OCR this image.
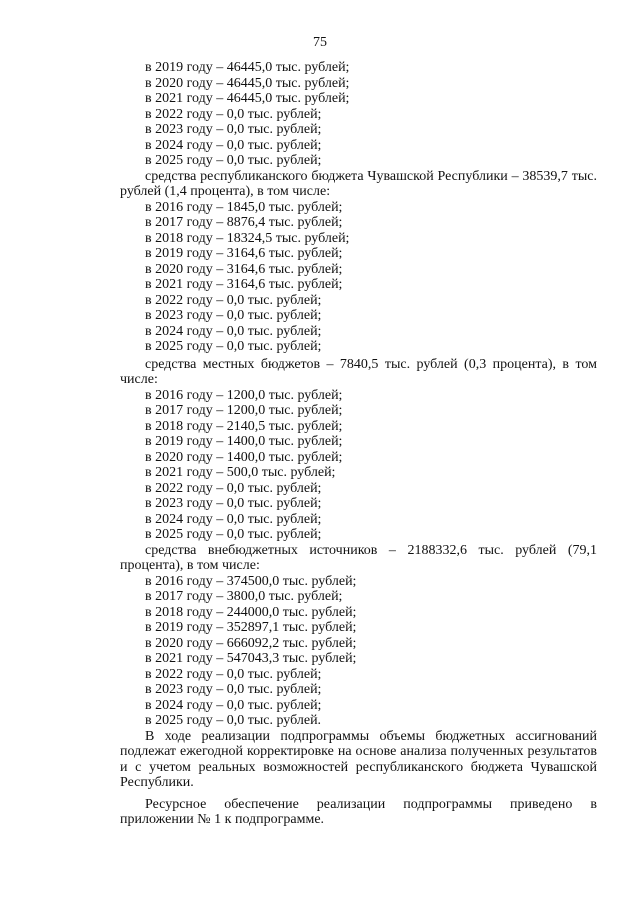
75
в 2019 году – 46445,0 тыс. рублей;
в 2020 году – 46445,0 тыс. рублей;
в 2021 году – 46445,0 тыс. рублей;
в 2022 году – 0,0 тыс. рублей;
в 2023 году – 0,0 тыс. рублей;
в 2024 году – 0,0 тыс. рублей;
в 2025 году – 0,0 тыс. рублей;

средства республиканского бюджета Чувашской Республики – 38539,7 тыс. рублей (1,4 процента), в том числе:

в 2016 году – 1845,0 тыс. рублей;
в 2017 году – 8876,4 тыс. рублей;
в 2018 году – 18324,5 тыс. рублей;
в 2019 году – 3164,6 тыс. рублей;
в 2020 году – 3164,6 тыс. рублей;
в 2021 году – 3164,6 тыс. рублей;
в 2022 году – 0,0 тыс. рублей;
в 2023 году – 0,0 тыс. рублей;
в 2024 году – 0,0 тыс. рублей;
в 2025 году – 0,0 тыс. рублей;

средства местных бюджетов – 7840,5 тыс. рублей (0,3 процента), в том числе:

в 2016 году – 1200,0 тыс. рублей;
в 2017 году – 1200,0 тыс. рублей;
в 2018 году – 2140,5 тыс. рублей;
в 2019 году – 1400,0 тыс. рублей;
в 2020 году – 1400,0 тыс. рублей;
в 2021 году – 500,0 тыс. рублей;
в 2022 году – 0,0 тыс. рублей;
в 2023 году – 0,0 тыс. рублей;
в 2024 году – 0,0 тыс. рублей;
в 2025 году – 0,0 тыс. рублей;

средства внебюджетных источников – 2188332,6 тыс. рублей (79,1 процента), в том числе:

в 2016 году – 374500,0 тыс. рублей;
в 2017 году – 3800,0 тыс. рублей;
в 2018 году – 244000,0 тыс. рублей;
в 2019 году – 352897,1 тыс. рублей;
в 2020 году – 666092,2 тыс. рублей;
в 2021 году – 547043,3 тыс. рублей;
в 2022 году – 0,0 тыс. рублей;
в 2023 году – 0,0 тыс. рублей;
в 2024 году – 0,0 тыс. рублей;
в 2025 году – 0,0 тыс. рублей.

В ходе реализации подпрограммы объемы бюджетных ассигнований подлежат ежегодной корректировке на основе анализа полученных результатов и с учетом реальных возможностей республиканского бюджета Чувашской Республики.

Ресурсное обеспечение реализации подпрограммы приведено в приложении № 1 к подпрограмме.
